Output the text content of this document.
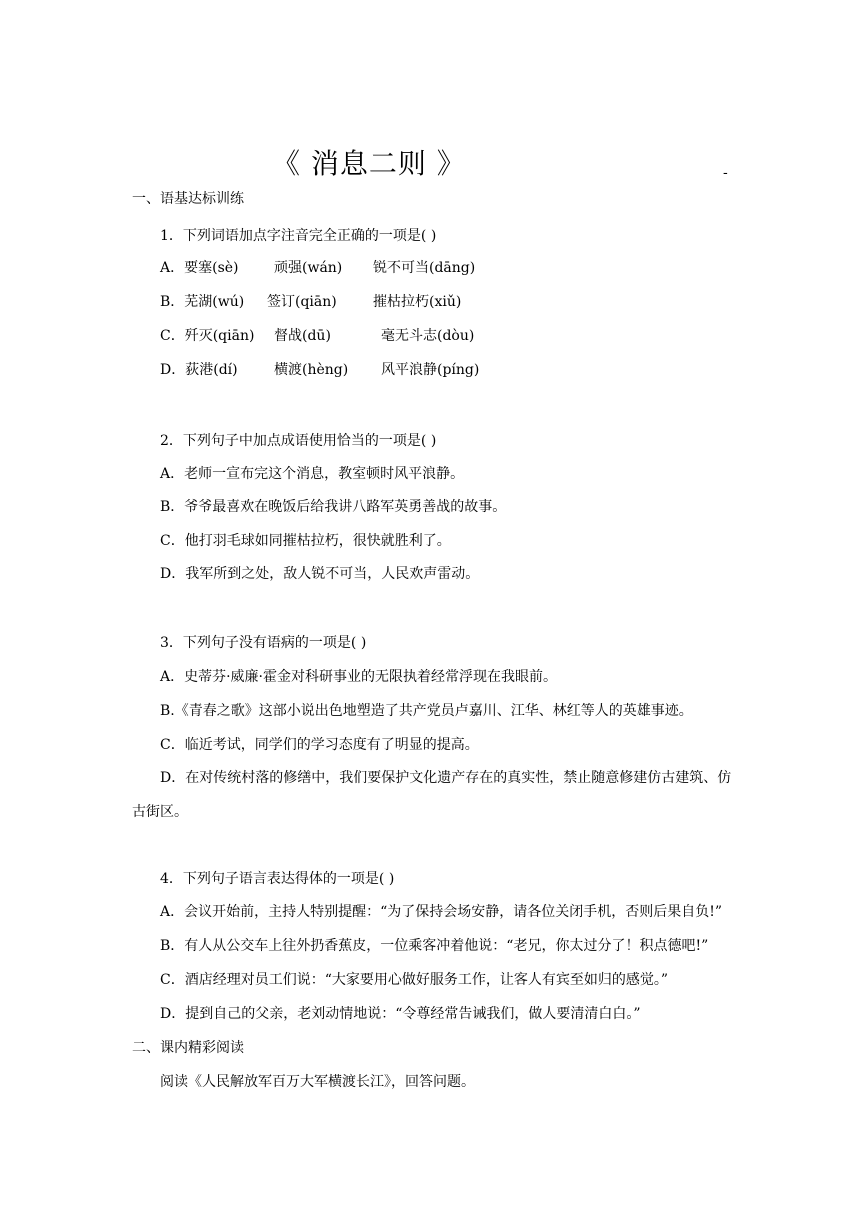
《 消息二则 》	-
一、语基达标训练
1．下列词语加点字注音完全正确的一项是( )
A．要塞(sè)	顽强(wán) 锐不可当(dāng)
B．芜湖(wú) 签订(qiān)	摧枯拉朽(xiǔ)
C．歼灭(qiān) 督战(dū)	毫无斗志(dòu)
D．荻港(dí)	横渡(hèng) 风平浪静(píng)
2．下列句子中加点成语使用恰当的一项是( )
A．老师一宣布完这个消息，教室顿时风平浪静。
B．爷爷最喜欢在晚饭后给我讲八路军英勇善战的故事。
C．他打羽毛球如同摧枯拉朽，很快就胜利了。
D．我军所到之处，敌人锐不可当，人民欢声雷动。
3．下列句子没有语病的一项是( )
A．史蒂芬·威廉·霍金对科研事业的无限执着经常浮现在我眼前。
B.《青春之歌》这部小说出色地塑造了共产党员卢嘉川、江华、林红等人的英雄事迹。
C．临近考试，同学们的学习态度有了明显的提高。
D．在对传统村落的修缮中，我们要保护文化遗产存在的真实性，禁止随意修建仿古建筑、仿
古街区。
4．下列句子语言表达得体的一项是( )
A．会议开始前，主持人特别提醒：“为了保持会场安静，请各位关闭手机，否则后果自负!”
B．有人从公交车上往外扔香蕉皮，一位乘客冲着他说：“老兄，你太过分了！积点德吧!”
C．酒店经理对员工们说：“大家要用心做好服务工作，让客人有宾至如归的感觉。”
D．提到自己的父亲，老刘动情地说：“令尊经常告诫我们，做人要清清白白。”
二、课内精彩阅读
阅读《人民解放军百万大军横渡长江》，回答问题。
